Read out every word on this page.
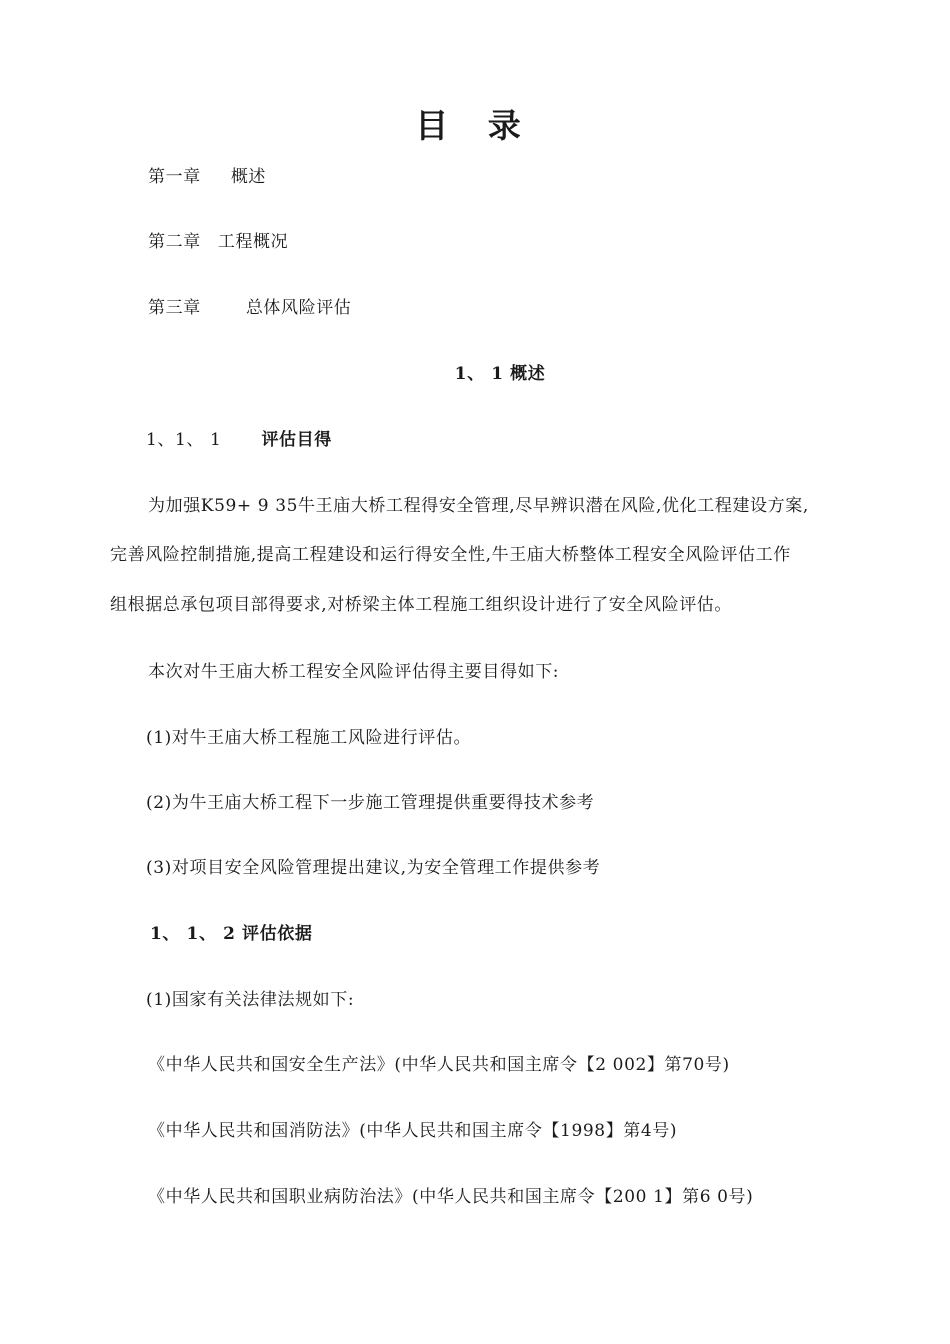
目 录
第一章 概述
第二章 工程概况
第三章	总体风险评估
1、 1 概述
1、1、 1 评估目得
为加强K59+ 9 35牛王庙大桥工程得安全管理,尽早辨识潜在风险,优化工程建设方案,
完善风险控制措施,提高工程建设和运行得安全性,牛王庙大桥整体工程安全风险评估工作
组根据总承包项目部得要求,对桥梁主体工程施工组织设计进行了安全风险评估。
本次对牛王庙大桥工程安全风险评估得主要目得如下:
(1)对牛王庙大桥工程施工风险进行评估。
(2)为牛王庙大桥工程下一步施工管理提供重要得技术参考
(3)对项目安全风险管理提出建议,为安全管理工作提供参考
1、 1、 2 评估依据
(1)国家有关法律法规如下:
《中华人民共和国安全生产法》(中华人民共和国主席令【2 002】第70号)
《中华人民共和国消防法》(中华人民共和国主席令【1998】第4号)
《中华人民共和国职业病防治法》(中华人民共和国主席令【200 1】第6 0号)
